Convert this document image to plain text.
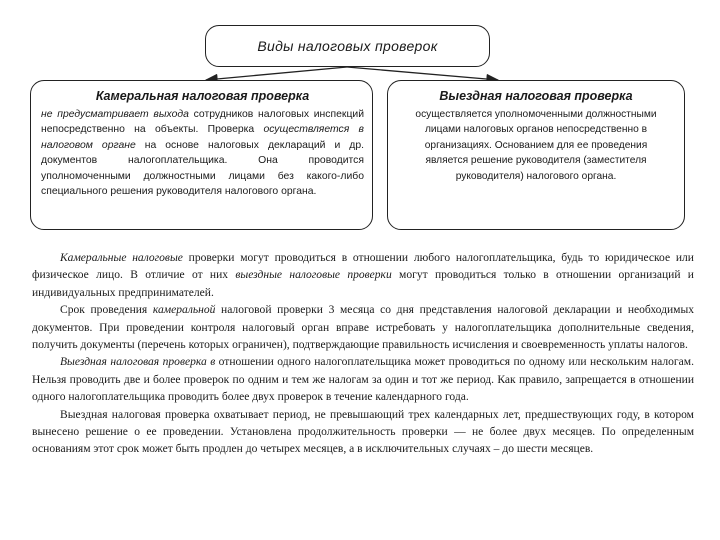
Виды налоговых проверок
Камеральная налоговая проверка

не предусматривает выхода сотрудников налоговых инспекций непосредственно на объекты. Проверка осуществляется в налоговом органе на основе налоговых деклараций и др. документов налогоплательщика. Она проводится уполномоченными должностными лицами без какого-либо специального решения руководителя налогового органа.

Выездная налоговая проверка

осуществляется уполномоченными должностными лицами налоговых органов непосредственно в организациях. Основанием для ее проведения является решение руководителя (заместителя руководителя) налогового органа.

Камеральные налоговые проверки могут проводиться в отношении любого налогоплательщика, будь то юридическое или физическое лицо. В отличие от них выездные налоговые проверки могут проводиться только в отношении организаций и индивидуальных предпринимателей.

Срок проведения камеральной налоговой проверки 3 месяца со дня представления налоговой декларации и необходимых документов. При проведении контроля налоговый орган вправе истребовать у налогоплательщика дополнительные сведения, получить документы (перечень которых ограничен), подтверждающие правильность исчисления и своевременность уплаты налогов.

Выездная налоговая проверка в отношении одного налогоплательщика может проводиться по одному или нескольким налогам. Нельзя проводить две и более проверок по одним и тем же налогам за один и тот же период. Как правило, запрещается в отношении одного налогоплательщика проводить более двух проверок в течение календарного года.

Выездная налоговая проверка охватывает период, не превышающий трех календарных лет, предшествующих году, в котором вынесено решение о ее проведении. Установлена продолжительность проверки — не более двух месяцев. По определенным основаниям этот срок может быть продлен до четырех месяцев, а в исключительных случаях – до шести месяцев.
